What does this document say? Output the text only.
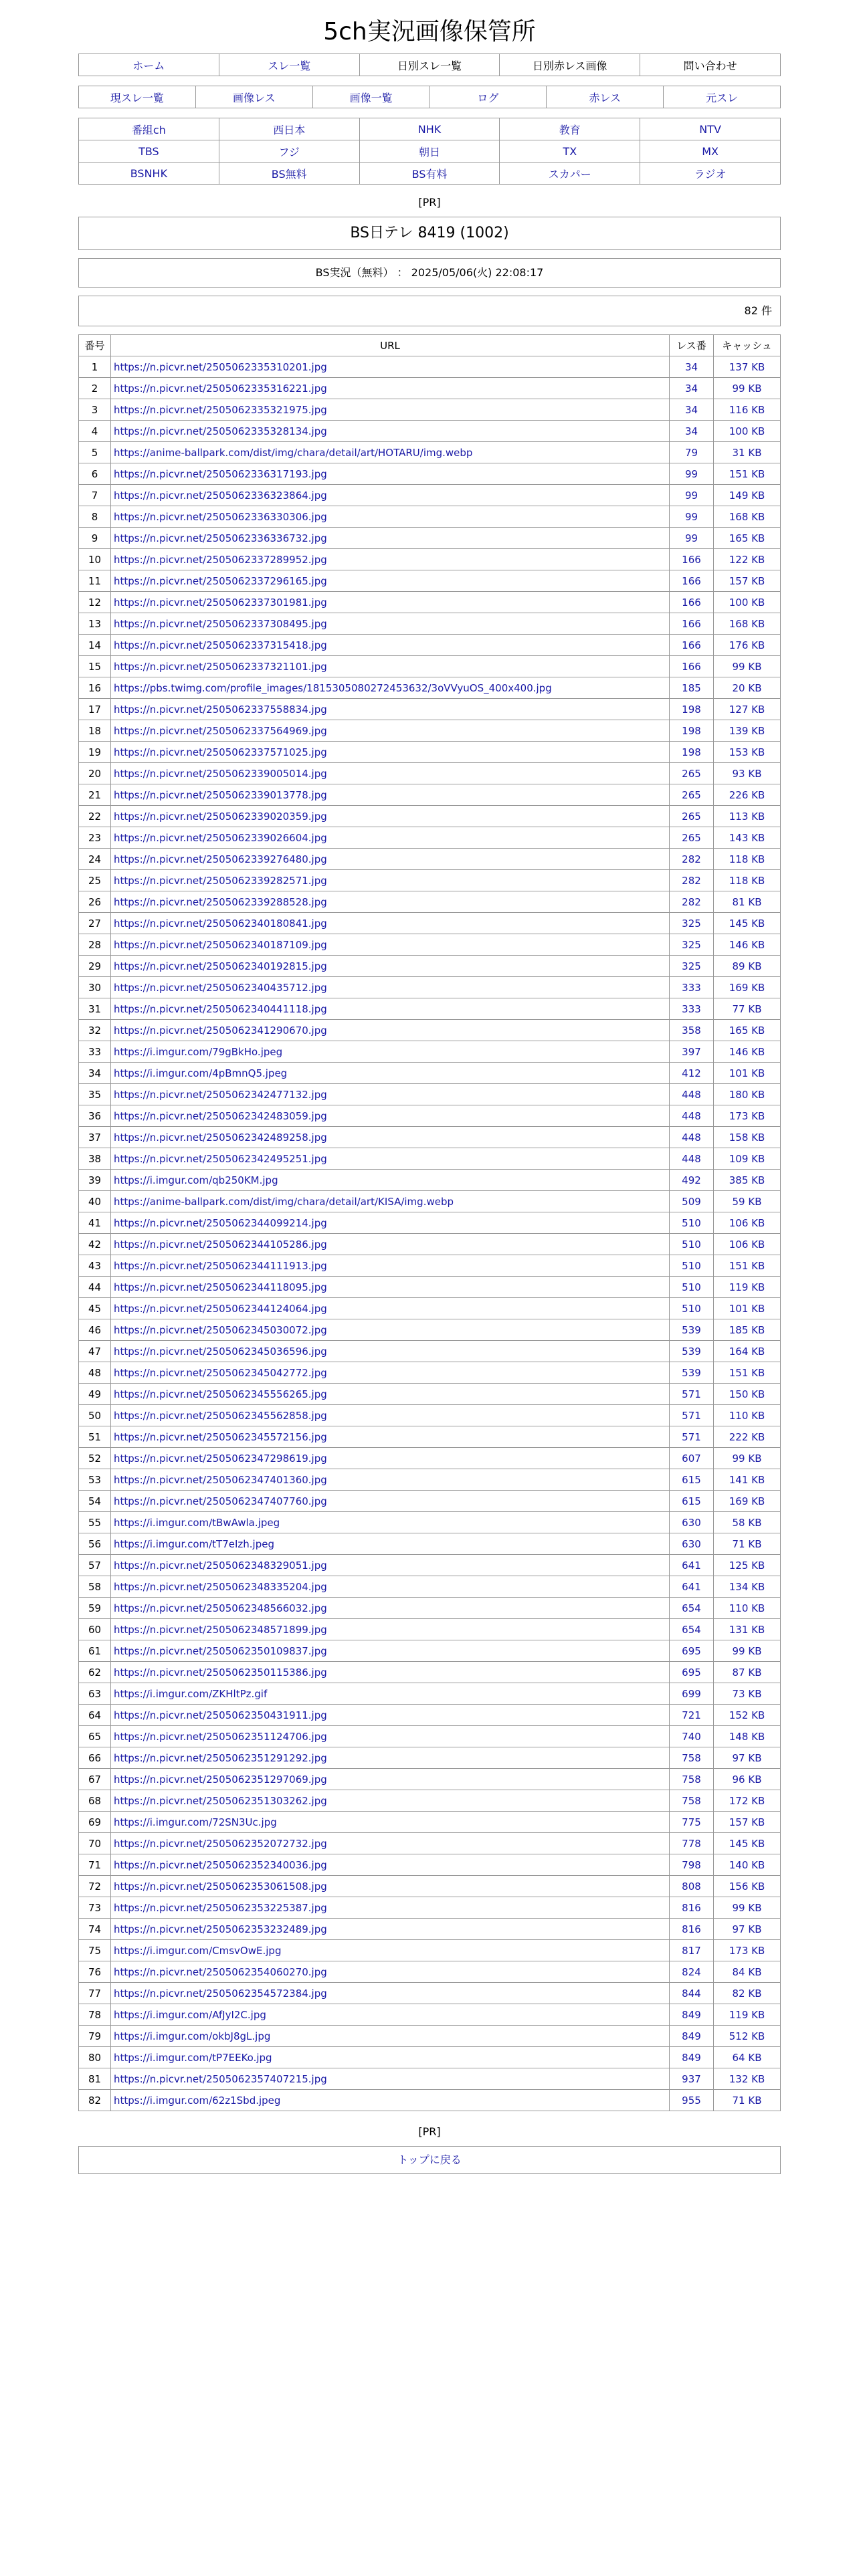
5ch実況画像保管所
ホーム	スレ一覧	日別スレ一覧	日別赤レス画像	問い合わせ
現スレ一覧	画像レス	画像一覧	ログ	赤レス	元スレ
番組ch	西日本	NHK	教育	NTV
TBS	フジ	朝日	TX	MX
BSNHK	BS無料	BS有料	スカパー	ラジオ
[PR]
BS日テレ 8419 (1002)
BS実況（無料） ： 2025/05/06(火) 22:08:17
82 件
番号	URL	レス番	キャッシュ
1	https://n.picvr.net/2505062335310201.jpg	34	137 KB
2	https://n.picvr.net/2505062335316221.jpg	34	99 KB
3	https://n.picvr.net/2505062335321975.jpg	34	116 KB
4	https://n.picvr.net/2505062335328134.jpg	34	100 KB
5	https://anime-ballpark.com/dist/img/chara/detail/art/HOTARU/img.webp	79	31 KB
6	https://n.picvr.net/2505062336317193.jpg	99	151 KB
7	https://n.picvr.net/2505062336323864.jpg	99	149 KB
8	https://n.picvr.net/2505062336330306.jpg	99	168 KB
9	https://n.picvr.net/2505062336336732.jpg	99	165 KB
10	https://n.picvr.net/2505062337289952.jpg	166	122 KB
11	https://n.picvr.net/2505062337296165.jpg	166	157 KB
12	https://n.picvr.net/2505062337301981.jpg	166	100 KB
13	https://n.picvr.net/2505062337308495.jpg	166	168 KB
14	https://n.picvr.net/2505062337315418.jpg	166	176 KB
15	https://n.picvr.net/2505062337321101.jpg	166	99 KB
16	https://pbs.twimg.com/profile_images/1815305080272453632/3oVVyuOS_400x400.jpg	185	20 KB
17	https://n.picvr.net/2505062337558834.jpg	198	127 KB
18	https://n.picvr.net/2505062337564969.jpg	198	139 KB
19	https://n.picvr.net/2505062337571025.jpg	198	153 KB
20	https://n.picvr.net/2505062339005014.jpg	265	93 KB
21	https://n.picvr.net/2505062339013778.jpg	265	226 KB
22	https://n.picvr.net/2505062339020359.jpg	265	113 KB
23	https://n.picvr.net/2505062339026604.jpg	265	143 KB
24	https://n.picvr.net/2505062339276480.jpg	282	118 KB
25	https://n.picvr.net/2505062339282571.jpg	282	118 KB
26	https://n.picvr.net/2505062339288528.jpg	282	81 KB
27	https://n.picvr.net/2505062340180841.jpg	325	145 KB
28	https://n.picvr.net/2505062340187109.jpg	325	146 KB
29	https://n.picvr.net/2505062340192815.jpg	325	89 KB
30	https://n.picvr.net/2505062340435712.jpg	333	169 KB
31	https://n.picvr.net/2505062340441118.jpg	333	77 KB
32	https://n.picvr.net/2505062341290670.jpg	358	165 KB
33	https://i.imgur.com/79gBkHo.jpeg	397	146 KB
34	https://i.imgur.com/4pBmnQ5.jpeg	412	101 KB
35	https://n.picvr.net/2505062342477132.jpg	448	180 KB
36	https://n.picvr.net/2505062342483059.jpg	448	173 KB
37	https://n.picvr.net/2505062342489258.jpg	448	158 KB
38	https://n.picvr.net/2505062342495251.jpg	448	109 KB
39	https://i.imgur.com/qb250KM.jpg	492	385 KB
40	https://anime-ballpark.com/dist/img/chara/detail/art/KISA/img.webp	509	59 KB
41	https://n.picvr.net/2505062344099214.jpg	510	106 KB
42	https://n.picvr.net/2505062344105286.jpg	510	106 KB
43	https://n.picvr.net/2505062344111913.jpg	510	151 KB
44	https://n.picvr.net/2505062344118095.jpg	510	119 KB
45	https://n.picvr.net/2505062344124064.jpg	510	101 KB
46	https://n.picvr.net/2505062345030072.jpg	539	185 KB
47	https://n.picvr.net/2505062345036596.jpg	539	164 KB
48	https://n.picvr.net/2505062345042772.jpg	539	151 KB
49	https://n.picvr.net/2505062345556265.jpg	571	150 KB
50	https://n.picvr.net/2505062345562858.jpg	571	110 KB
51	https://n.picvr.net/2505062345572156.jpg	571	222 KB
52	https://n.picvr.net/2505062347298619.jpg	607	99 KB
53	https://n.picvr.net/2505062347401360.jpg	615	141 KB
54	https://n.picvr.net/2505062347407760.jpg	615	169 KB
55	https://i.imgur.com/tBwAwla.jpeg	630	58 KB
56	https://i.imgur.com/tT7eIzh.jpeg	630	71 KB
57	https://n.picvr.net/2505062348329051.jpg	641	125 KB
58	https://n.picvr.net/2505062348335204.jpg	641	134 KB
59	https://n.picvr.net/2505062348566032.jpg	654	110 KB
60	https://n.picvr.net/2505062348571899.jpg	654	131 KB
61	https://n.picvr.net/2505062350109837.jpg	695	99 KB
62	https://n.picvr.net/2505062350115386.jpg	695	87 KB
63	https://i.imgur.com/ZKHltPz.gif	699	73 KB
64	https://n.picvr.net/2505062350431911.jpg	721	152 KB
65	https://n.picvr.net/2505062351124706.jpg	740	148 KB
66	https://n.picvr.net/2505062351291292.jpg	758	97 KB
67	https://n.picvr.net/2505062351297069.jpg	758	96 KB
68	https://n.picvr.net/2505062351303262.jpg	758	172 KB
69	https://i.imgur.com/72SN3Uc.jpg	775	157 KB
70	https://n.picvr.net/2505062352072732.jpg	778	145 KB
71	https://n.picvr.net/2505062352340036.jpg	798	140 KB
72	https://n.picvr.net/2505062353061508.jpg	808	156 KB
73	https://n.picvr.net/2505062353225387.jpg	816	99 KB
74	https://n.picvr.net/2505062353232489.jpg	816	97 KB
75	https://i.imgur.com/CmsvOwE.jpg	817	173 KB
76	https://n.picvr.net/2505062354060270.jpg	824	84 KB
77	https://n.picvr.net/2505062354572384.jpg	844	82 KB
78	https://i.imgur.com/AfJyI2C.jpg	849	119 KB
79	https://i.imgur.com/okbJ8gL.jpg	849	512 KB
80	https://i.imgur.com/tP7EEKo.jpg	849	64 KB
81	https://n.picvr.net/2505062357407215.jpg	937	132 KB
82	https://i.imgur.com/62z1Sbd.jpeg	955	71 KB
[PR]
トップに戻る
